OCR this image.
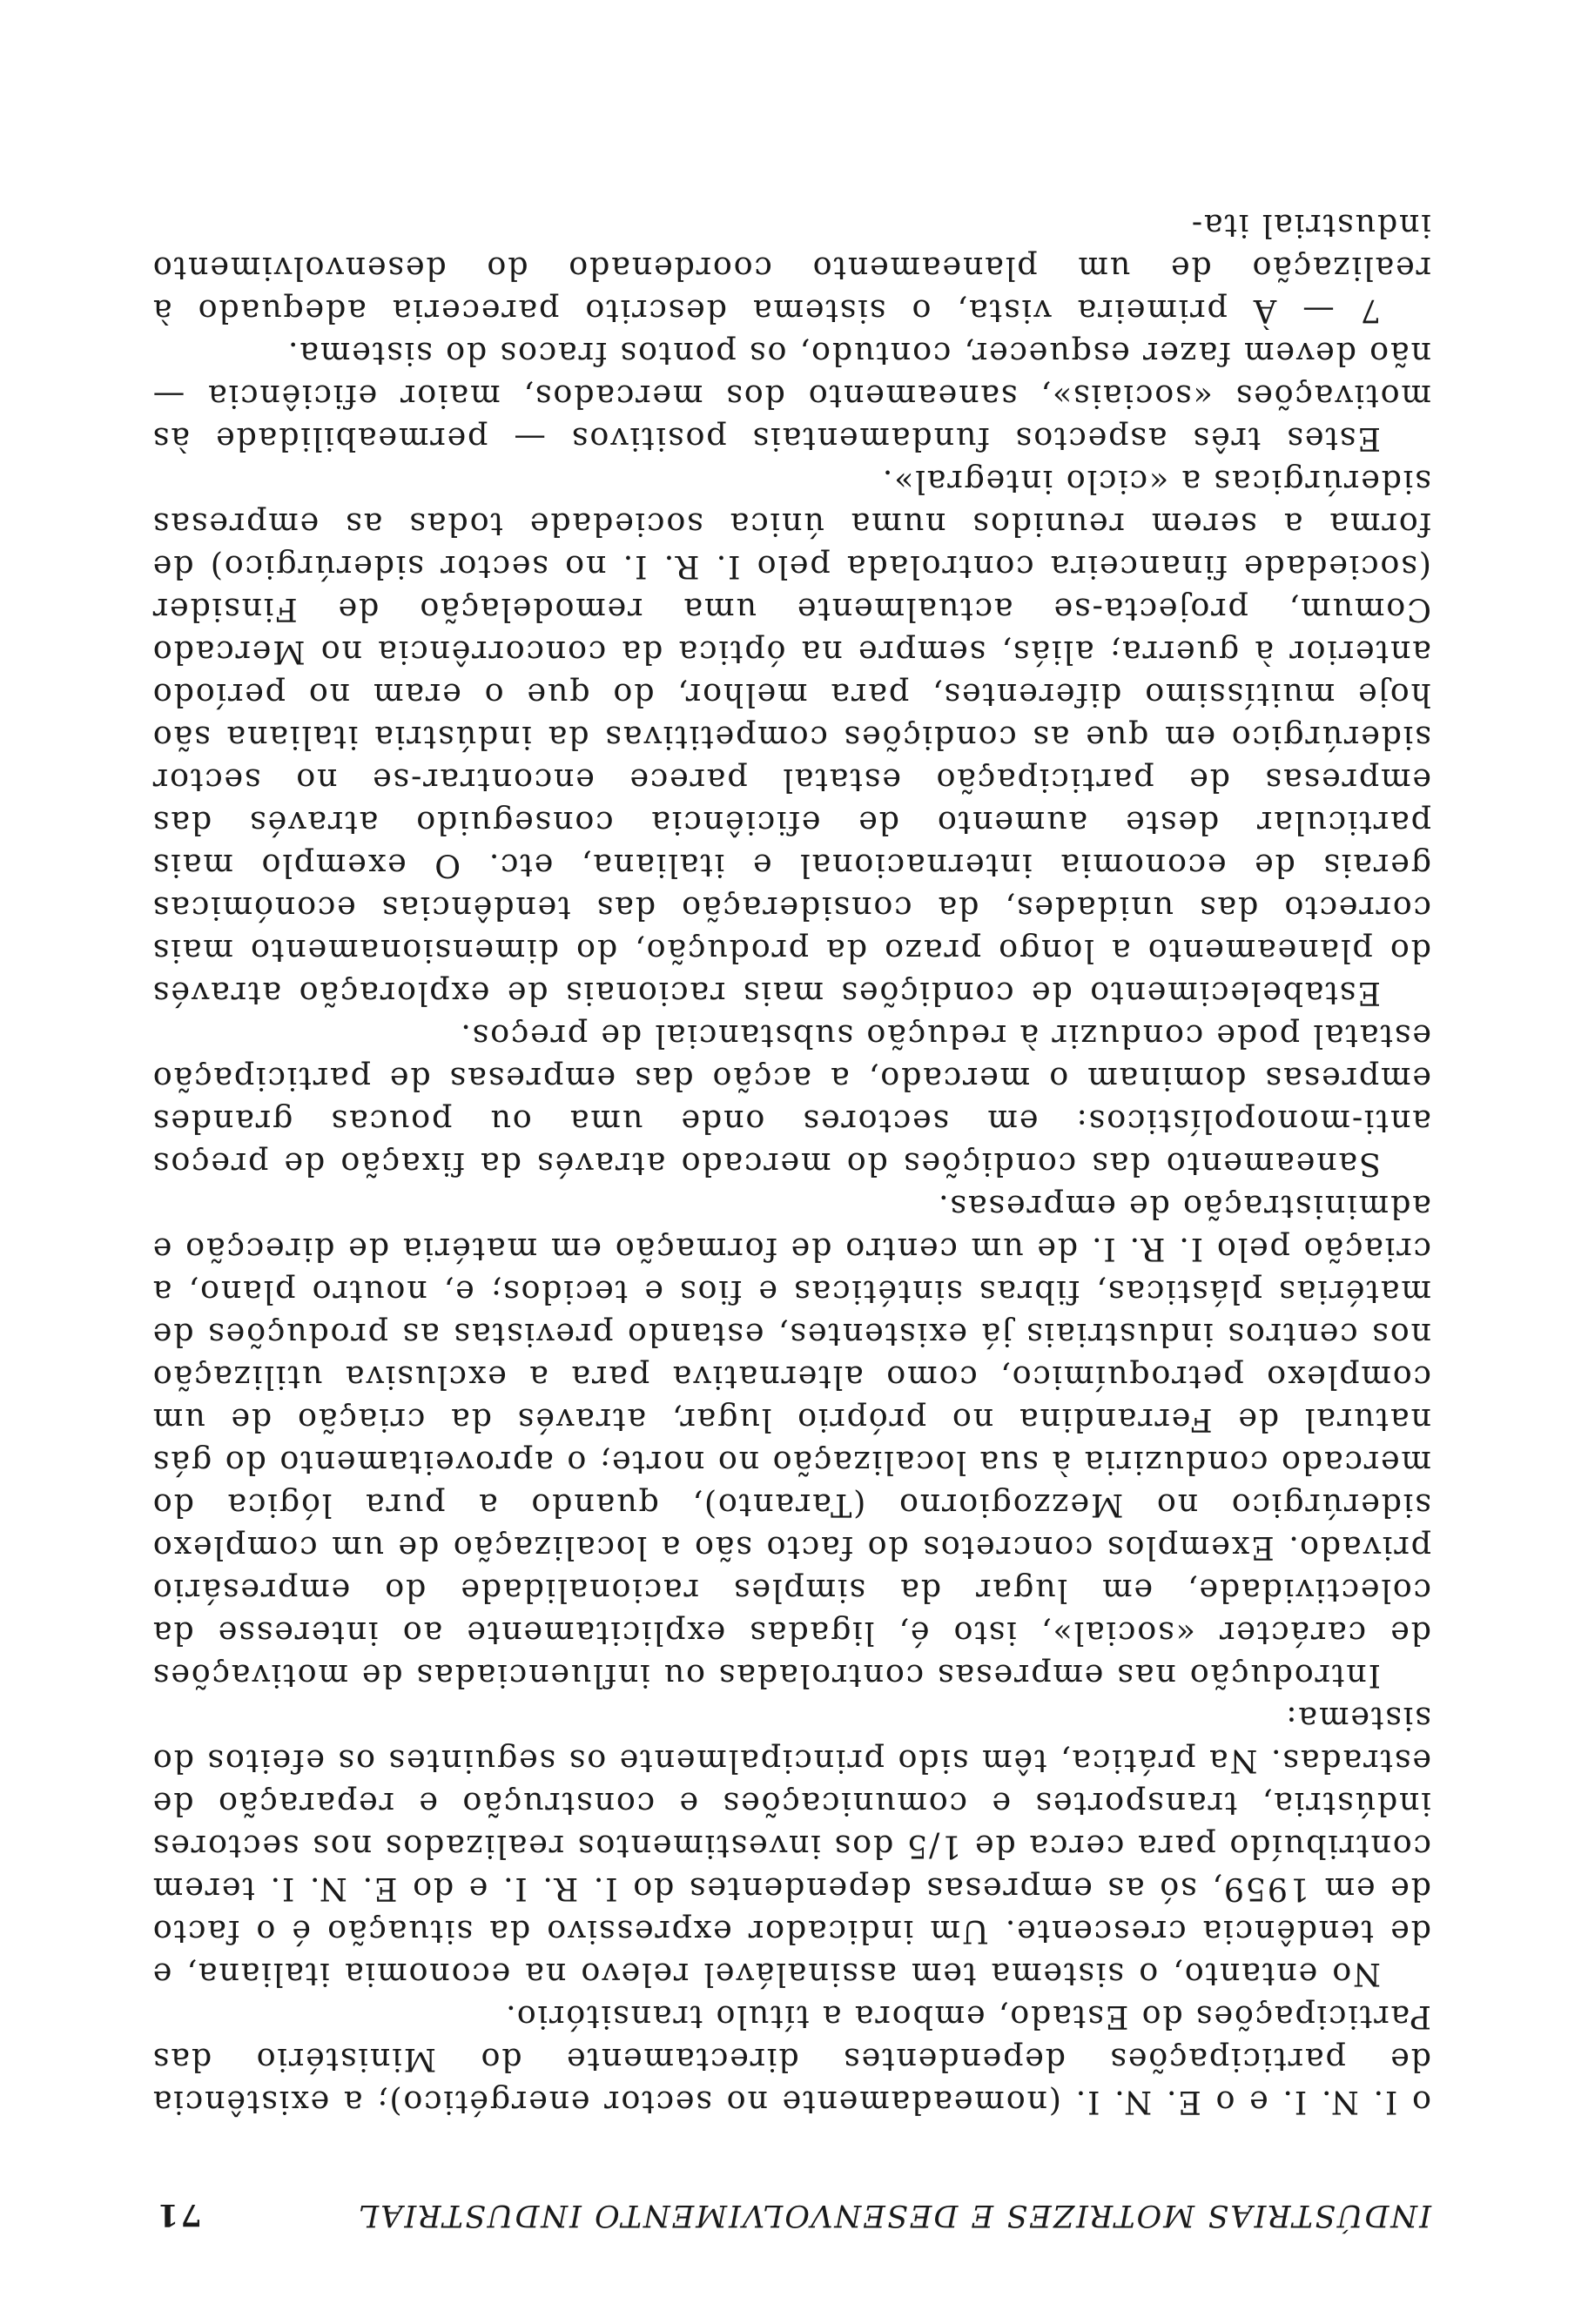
INDÚSTRIAS MOTRIZES E DESENVOLVIMENTO INDUSTRIAL
71

o I. N. I. e o E. N. I. (nomeadamente no sector energético); a existência de participações dependentes directamente do Ministério das Participações do Estado, embora a título transitório.

No entanto, o sistema tem assinalável relevo na economia italiana, e de tendência crescente. Um indicador expressivo da situação é o facto de em 1959, só as empresas dependentes do I. R. I. e do E. N. I. terem contribuído para cerca de 1/5 dos investimentos realizados nos sectores indústria, transportes e comunicações e construção e reparação de estradas. Na prática, têm sido principalmente os seguintes os efeitos do sistema:

Introdução nas empresas controladas ou influenciadas de motivações de carácter «social», isto é, ligadas explicitamente ao interesse da colectividade, em lugar da simples racionalidade do empresário privado. Exemplos concretos do facto são a localização de um complexo siderúrgico no Mezzogiorno (Taranto), quando a pura lógica do mercado conduziria à sua localização no norte; o aproveitamento do gás natural de Ferrandina no próprio lugar, através da criação de um complexo petroquímico, como alternativa para a exclusiva utilização nos centros industriais já existentes, estando previstas as produções de matérias plásticas, fibras sintéticas e fios e tecidos; e, noutro plano, a criação pelo I. R. I. de um centro de formação em matéria de direcção e administração de empresas.

Saneamento das condições do mercado através da fixação de preços anti-monopolísticos: em sectores onde uma ou poucas grandes empresas dominam o mercado, a acção das empresas de participação estatal pode conduzir à redução substancial de preços.

Estabelecimento de condições mais racionais de exploração através do planeamento a longo prazo da produção, do dimensionamento mais correcto das unidades, da consideração das tendências económicas gerais de economia internacional e italiana, etc. O exemplo mais particular deste aumento de eficiência conseguido através das empresas de participação estatal parece encontrar-se no sector siderúrgico em que as condições competitivas da indústria italiana são hoje muitíssimo diferentes, para melhor, do que o eram no período anterior à guerra; aliás, sempre na óptica da concorrência no Mercado Comum, projecta-se actualmente uma remodelação de Finsider (sociedade financeira controlada pelo I. R. I. no sector siderúrgico) de forma a serem reunidos numa única sociedade todas as empresas siderúrgicas a «ciclo integral».

Estes três aspectos fundamentais positivos — permeabilidade às motivações «sociais», saneamento dos mercados, maior eficiência — não devem fazer esquecer, contudo, os pontos fracos do sistema.

7 — À primeira vista, o sistema descrito pareceria adequado à realização de um planeamento coordenado do desenvolvimento industrial ita-
